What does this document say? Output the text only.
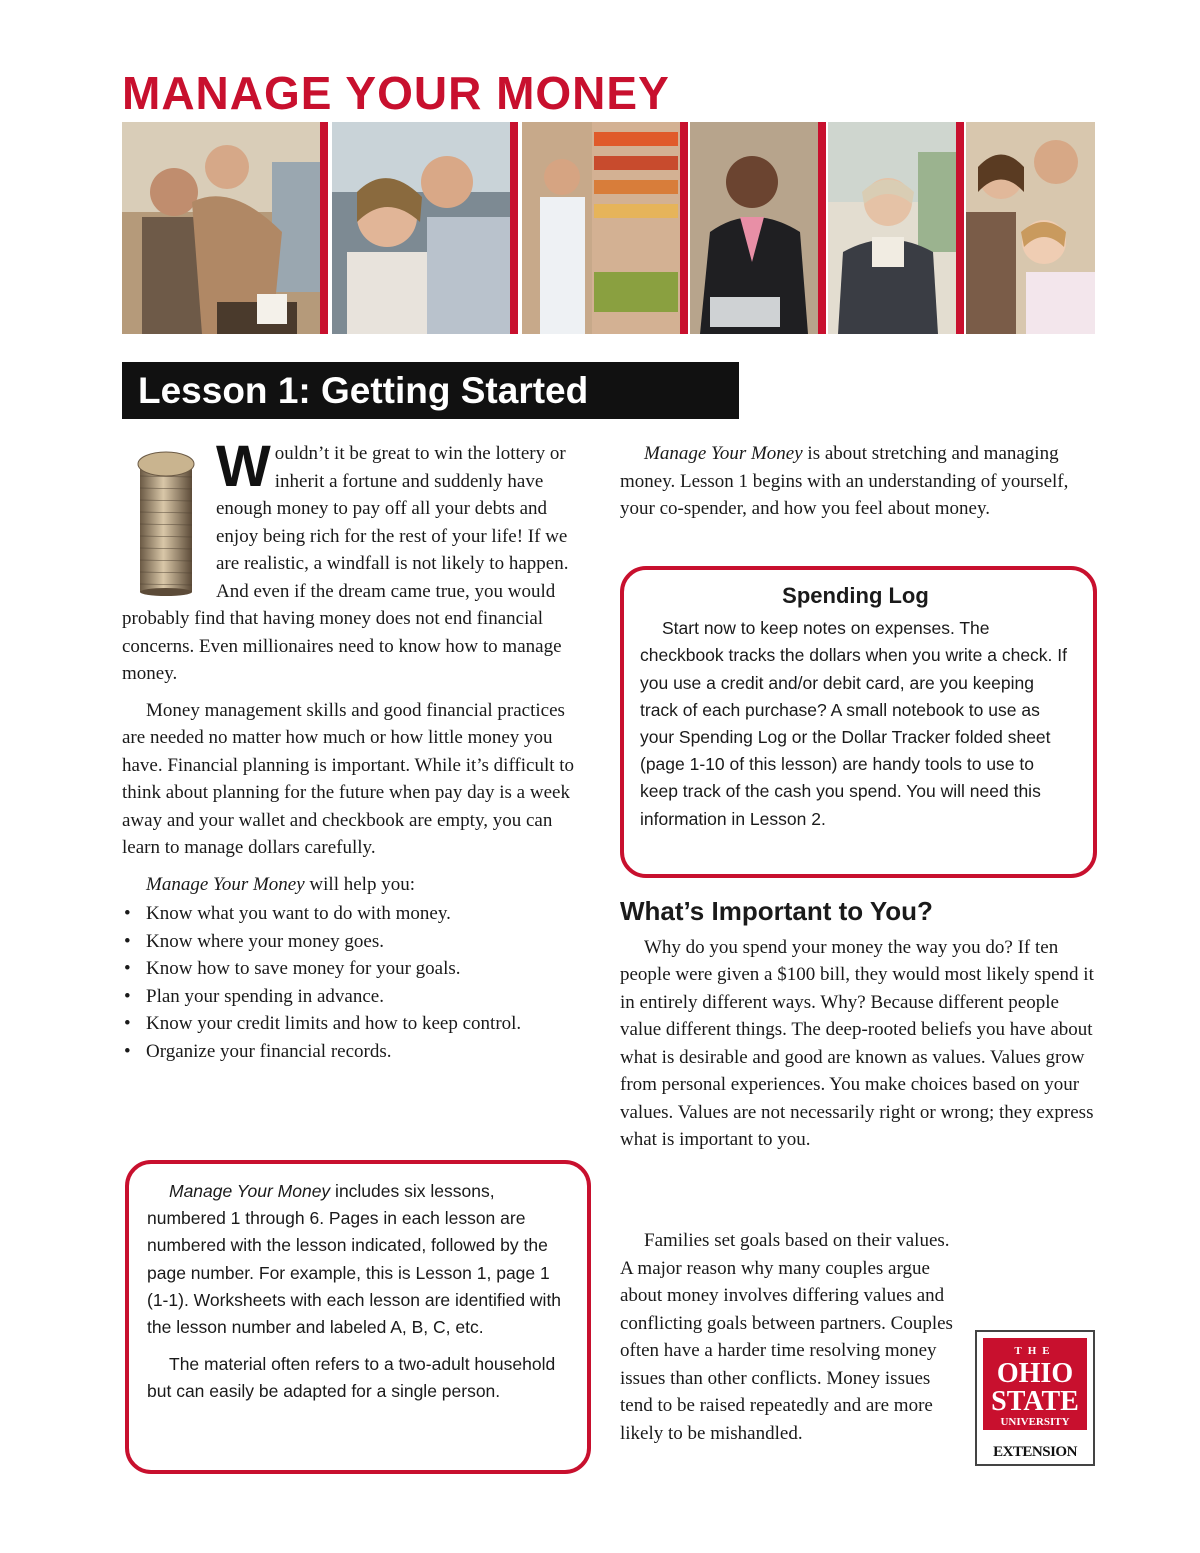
MANAGE YOUR MONEY
Lesson 1: Getting Started

Wouldn’t it be great to win the lottery or inherit a fortune and suddenly have enough money to pay off all your debts and enjoy being rich for the rest of your life! If we are realistic, a windfall is not likely to happen. And even if the dream came true, you would probably find that having money does not end financial concerns. Even millionaires need to know how to manage money.

Money management skills and good financial practices are needed no matter how much or how little money you have. Financial planning is important. While it’s difficult to think about planning for the future when pay day is a week away and your wallet and checkbook are empty, you can learn to manage dollars carefully.

Manage Your Money will help you:

• Know what you want to do with money.
• Know where your money goes.
• Know how to save money for your goals.
• Plan your spending in advance.
• Know your credit limits and how to keep control.
• Organize your financial records.

Manage Your Money includes six lessons, numbered 1 through 6. Pages in each lesson are numbered with the lesson indicated, followed by the page number. For example, this is Lesson 1, page 1 (1-1). Worksheets with each lesson are identified with the lesson number and labeled A, B, C, etc.

The material often refers to a two-adult household but can easily be adapted for a single person.

Manage Your Money is about stretching and managing money. Lesson 1 begins with an understanding of yourself, your co-spender, and how you feel about money.

Spending Log

Start now to keep notes on expenses. The checkbook tracks the dollars when you write a check. If you use a credit and/or debit card, are you keeping track of each purchase? A small notebook to use as your Spending Log or the Dollar Tracker folded sheet (page 1-10 of this lesson) are handy tools to use to keep track of the cash you spend. You will need this information in Lesson 2.

What’s Important to You?

Why do you spend your money the way you do? If ten people were given a $100 bill, they would most likely spend it in entirely different ways. Why? Because different people value different things. The deep-rooted beliefs you have about what is desirable and good are known as values. Values grow from personal experiences. You make choices based on your values. Values are not necessarily right or wrong; they express what is important to you.

Families set goals based on their values. A major reason why many couples argue about money involves differing values and conflicting goals between partners. Couples often have a harder time resolving money issues than other conflicts. Money issues tend to be raised repeatedly and are more likely to be mishandled.

THE
OHIO
STATE
UNIVERSITY
EXTENSION
